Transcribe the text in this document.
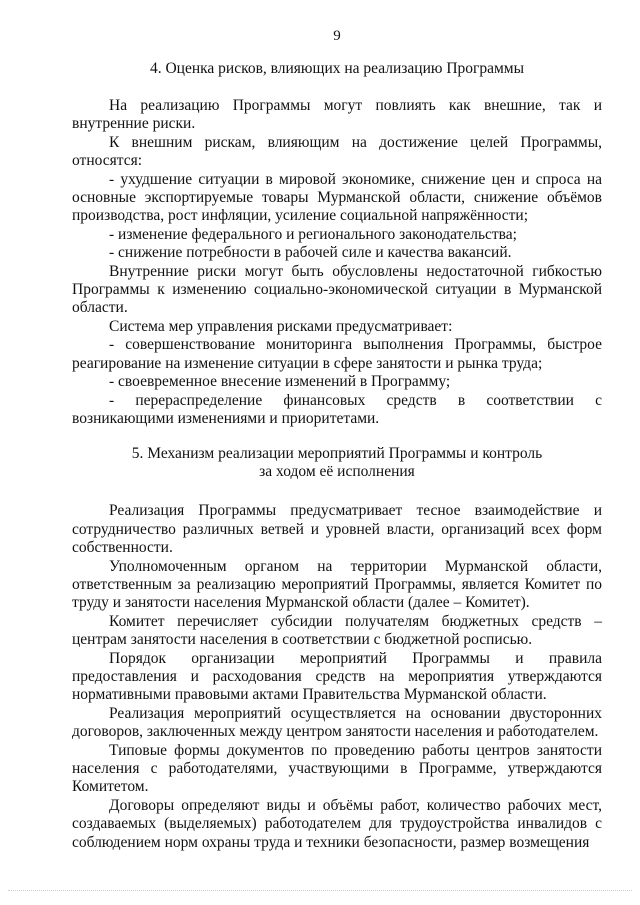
9
4. Оценка рисков, влияющих на реализацию Программы

На реализацию Программы могут повлиять как внешние, так и внутренние риски.

К внешним рискам, влияющим на достижение целей Программы, относятся:

- ухудшение ситуации в мировой экономике, снижение цен и спроса на основные экспортируемые товары Мурманской области, снижение объёмов производства, рост инфляции, усиление социальной напряжённости;

- изменение федерального и регионального законодательства;

- снижение потребности в рабочей силе и качества вакансий.

Внутренние риски могут быть обусловлены недостаточной гибкостью Программы к изменению социально-экономической ситуации в Мурманской области.

Система мер управления рисками предусматривает:

- совершенствование мониторинга выполнения Программы, быстрое реагирование на изменение ситуации в сфере занятости и рынка труда;

- своевременное внесение изменений в Программу;

- перераспределение финансовых средств в соответствии с возникающими изменениями и приоритетами.

5. Механизм реализации мероприятий Программы и контроль
за ходом её исполнения

Реализация Программы предусматривает тесное взаимодействие и сотрудничество различных ветвей и уровней власти, организаций всех форм собственности.

Уполномоченным органом на территории Мурманской области, ответственным за реализацию мероприятий Программы, является Комитет по труду и занятости населения Мурманской области (далее – Комитет).

Комитет перечисляет субсидии получателям бюджетных средств – центрам занятости населения в соответствии с бюджетной росписью.

Порядок организации мероприятий Программы и правила предоставления и расходования средств на мероприятия утверждаются нормативными правовыми актами Правительства Мурманской области.

Реализация мероприятий осуществляется на основании двусторонних договоров, заключенных между центром занятости населения и работодателем.

Типовые формы документов по проведению работы центров занятости населения с работодателями, участвующими в Программе, утверждаются Комитетом.

Договоры определяют виды и объёмы работ, количество рабочих мест, создаваемых (выделяемых) работодателем для трудоустройства инвалидов с соблюдением норм охраны труда и техники безопасности, размер возмещения
